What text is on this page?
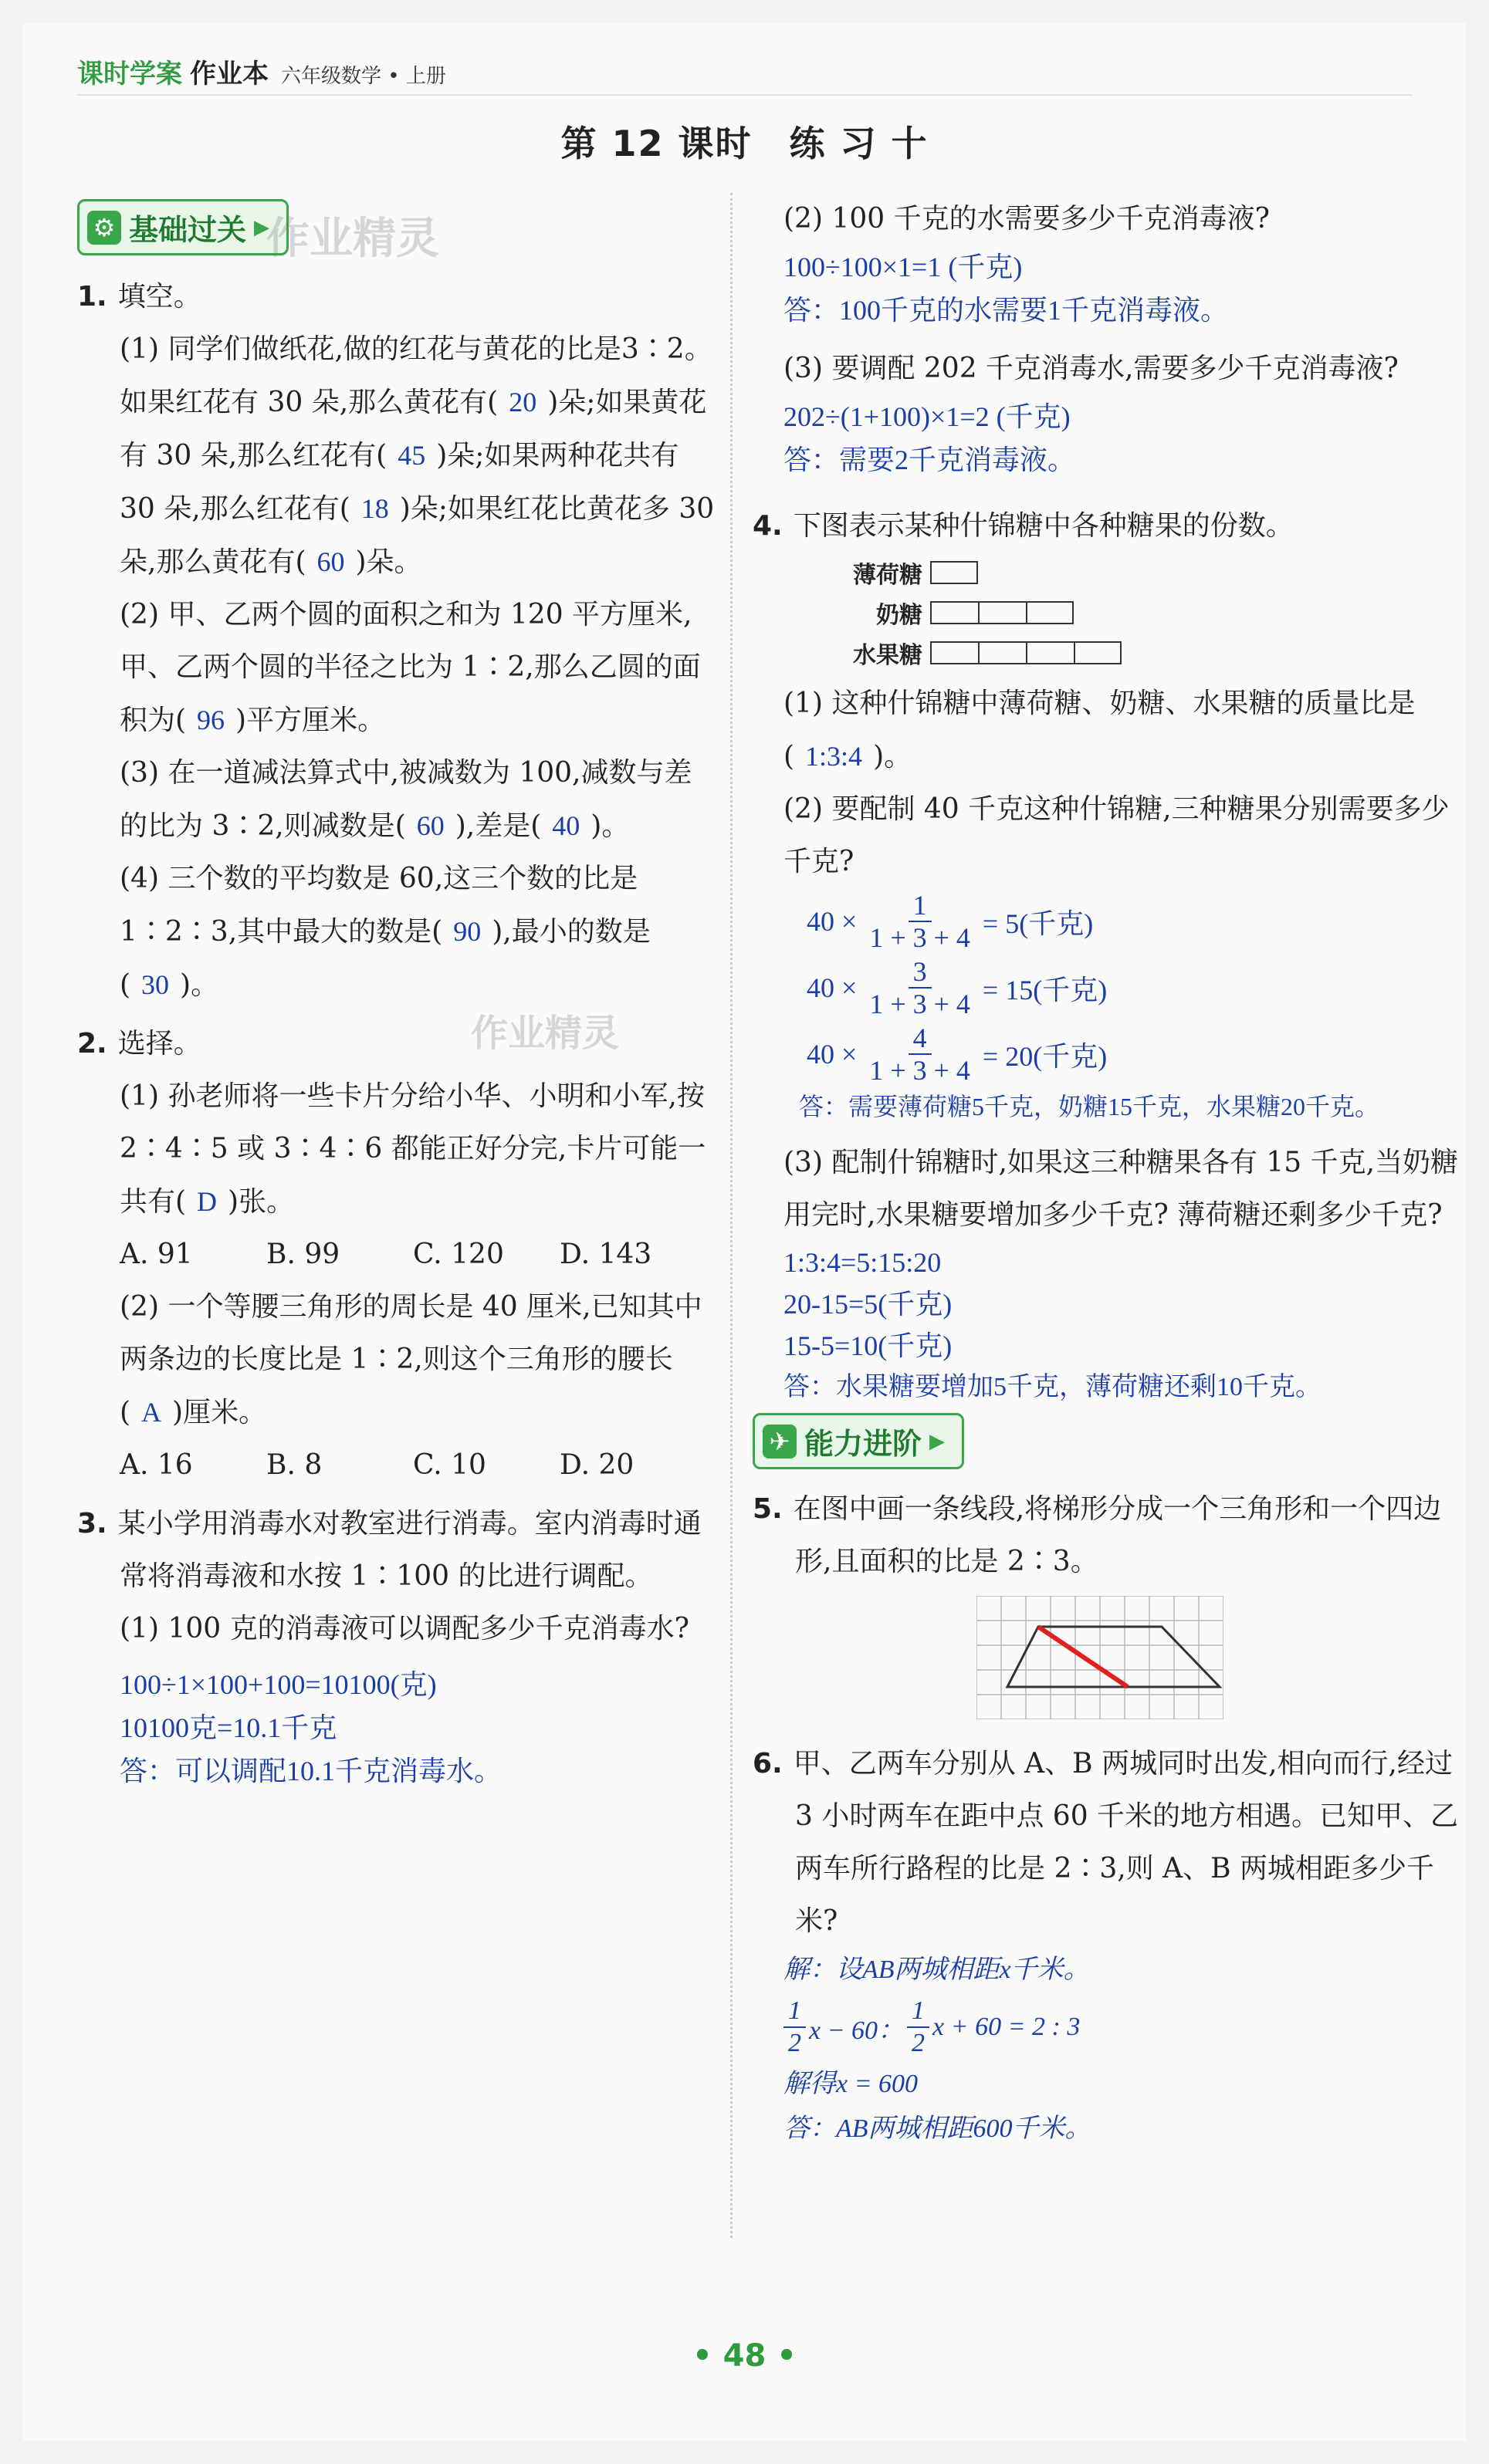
课时学案 作业本 六年级数学 • 上册
第 12 课时　练 习 十
⚙ 基础过关 ▶
1. 填空。
(1) 同学们做纸花,做的红花与黄花的比是3∶2。如果红花有 30 朵,那么黄花有( 20 )朵;如果黄花有 30 朵,那么红花有( 45 )朵;如果两种花共有 30 朵,那么红花有( 18 )朵;如果红花比黄花多 30 朵,那么黄花有( 60 )朵。
(2) 甲、乙两个圆的面积之和为 120 平方厘米,甲、乙两个圆的半径之比为 1∶2,那么乙圆的面积为( 96 )平方厘米。
(3) 在一道减法算式中,被减数为 100,减数与差的比为 3∶2,则减数是( 60 ),差是( 40 )。
(4) 三个数的平均数是 60,这三个数的比是1∶2∶3,其中最大的数是( 90 ),最小的数是( 30 )。
2. 选择。
(1) 孙老师将一些卡片分给小华、小明和小军,按 2∶4∶5 或 3∶4∶6 都能正好分完,卡片可能一共有( D )张。
A. 91	B. 99	C. 120	D. 143
(2) 一个等腰三角形的周长是 40 厘米,已知其中两条边的长度比是 1∶2,则这个三角形的腰长( A )厘米。
A. 16	B. 8	C. 10	D. 20
3. 某小学用消毒水对教室进行消毒。室内消毒时通常将消毒液和水按 1∶100 的比进行调配。
(1) 100 克的消毒液可以调配多少千克消毒水?
100÷1×100+100=10100(克)
10100克=10.1千克
答：可以调配10.1千克消毒水。
(2) 100 千克的水需要多少千克消毒液?
100÷100×1=1 (千克)
答：100千克的水需要1千克消毒液。
(3) 要调配 202 千克消毒水,需要多少千克消毒液?
202÷(1+100)×1=2 (千克)
答：需要2千克消毒液。
4. 下图表示某种什锦糖中各种糖果的份数。
薄荷糖
奶糖
水果糖
(1) 这种什锦糖中薄荷糖、奶糖、水果糖的质量比是( 1:3:4 )。
(2) 要配制 40 千克这种什锦糖,三种糖果分别需要多少千克?
$40 \times \frac{1}{1 + 3 + 4} = 5$(千克)
$40 \times \frac{3}{1 + 3 + 4} = 15$(千克)
$40 \times \frac{4}{1 + 3 + 4} = 20$(千克)
答：需要薄荷糖5千克，奶糖15千克，水果糖20千克。
(3) 配制什锦糖时,如果这三种糖果各有 15 千克,当奶糖用完时,水果糖要增加多少千克? 薄荷糖还剩多少千克?
1:3:4=5:15:20
20-15=5(千克)
15-5=10(千克)
答：水果糖要增加5千克，薄荷糖还剩10千克。
✈ 能力进阶 ▶
5. 在图中画一条线段,将梯形分成一个三角形和一个四边形,且面积的比是 2∶3。
6. 甲、乙两车分别从 A、B 两城同时出发,相向而行,经过 3 小时两车在距中点 60 千米的地方相遇。已知甲、乙两车所行路程的比是 2∶3,则 A、B 两城相距多少千米?
解：设AB两城相距x千米。
$\frac{1}{2}$ x − 60： $\frac{1}{2}$ x + 60 = 2 : 3
解得x = 600
答：AB两城相距600千米。
作业精灵
作业精灵
• 48 •
